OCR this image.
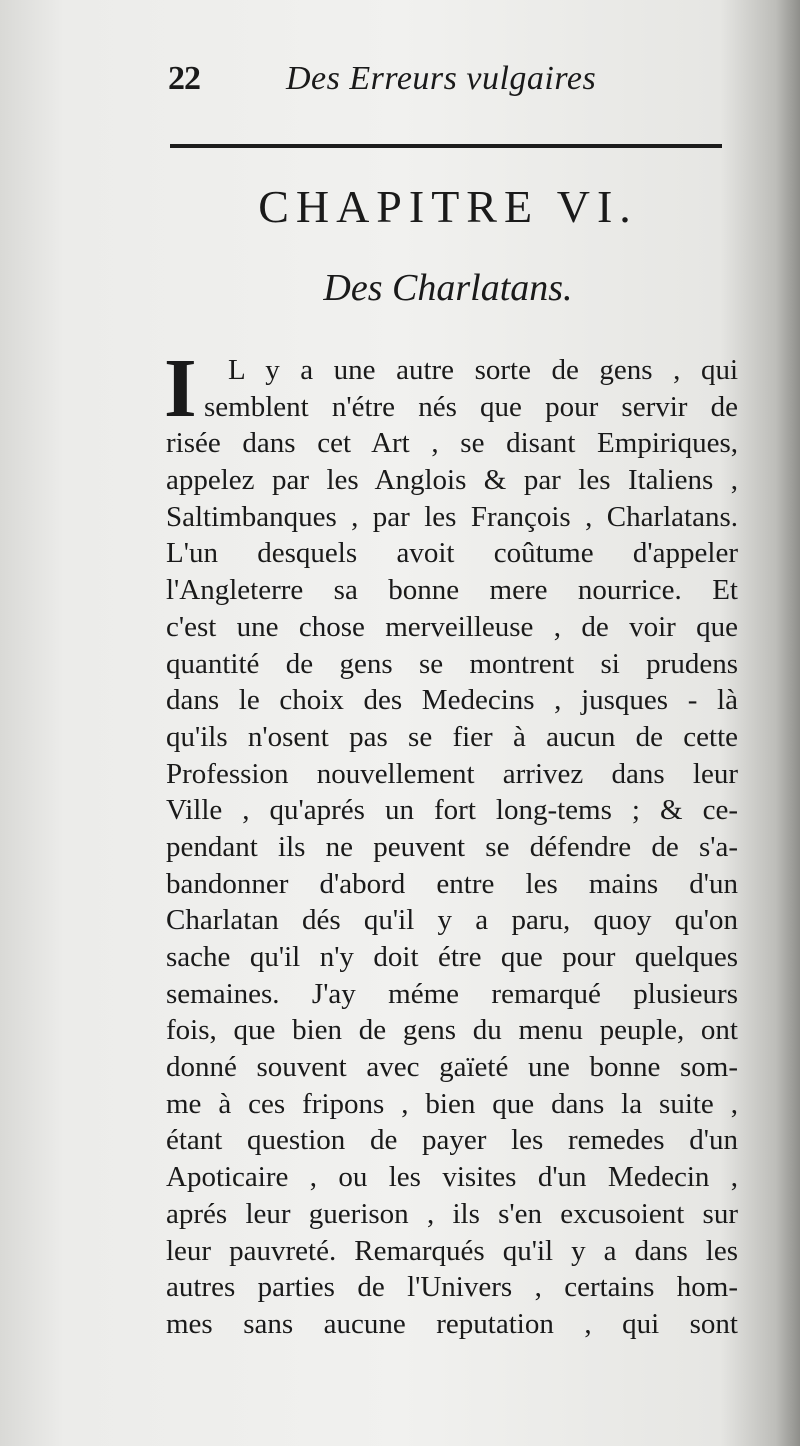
22	Des Erreurs vulgaires
CHAPITRE VI.
Des Charlatans.
I	L y a une autre sorte de gens , qui
semblent n'étre nés que pour servir de
risée dans cet Art , se disant Empiriques,
appelez par les Anglois & par les Italiens ,
Saltimbanques , par les François , Charlatans.
L'un desquels avoit coûtume d'appeler
l'Angleterre sa bonne mere nourrice. Et
c'est une chose merveilleuse , de voir que
quantité de gens se montrent si prudens
dans le choix des Medecins , jusques - là
qu'ils n'osent pas se fier à aucun de cette
Profession nouvellement arrivez dans leur
Ville , qu'aprés un fort long-tems ; & ce-
pendant ils ne peuvent se défendre de s'a-
bandonner d'abord entre les mains d'un
Charlatan dés qu'il y a paru, quoy qu'on
sache qu'il n'y doit étre que pour quelques
semaines. J'ay méme remarqué plusieurs
fois, que bien de gens du menu peuple, ont
donné souvent avec gaïeté une bonne som-
me à ces fripons , bien que dans la suite ,
étant question de payer les remedes d'un
Apoticaire , ou les visites d'un Medecin ,
aprés leur guerison , ils s'en excusoient sur
leur pauvreté. Remarqués qu'il y a dans les
autres parties de l'Univers , certains hom-
mes sans aucune reputation , qui sont
